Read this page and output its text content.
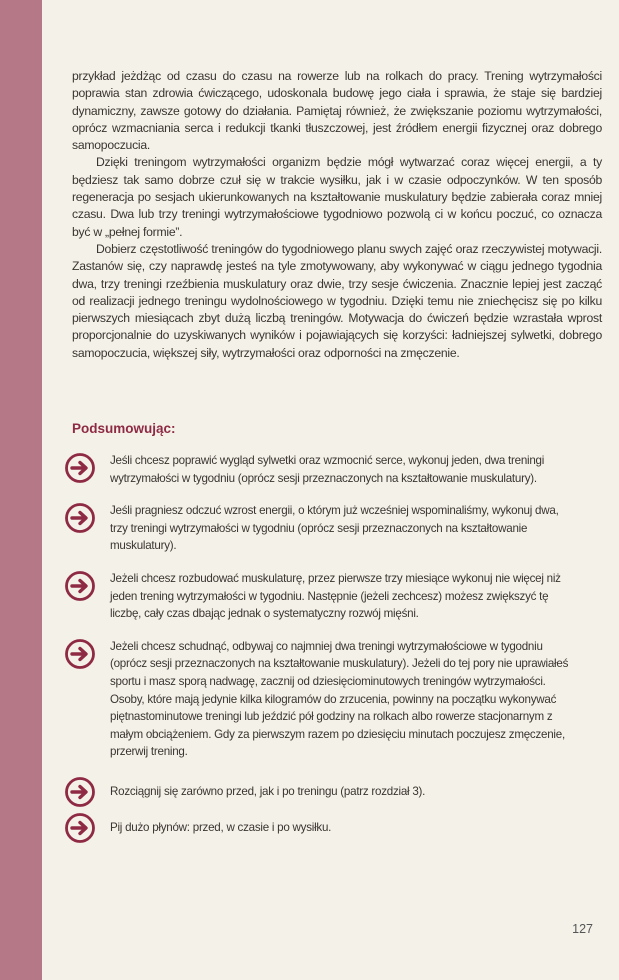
przykład jeżdżąc od czasu do czasu na rowerze lub na rolkach do pracy. Trening wytrzymałości poprawia stan zdrowia ćwiczącego, udoskonala budowę jego ciała i sprawia, że staje się bardziej dynamiczny, zawsze gotowy do działania. Pamiętaj również, że zwiększanie poziomu wytrzymałości, oprócz wzmacniania serca i redukcji tkanki tłuszczowej, jest źródłem energii fizycznej oraz dobrego samopoczucia.

Dzięki treningom wytrzymałości organizm będzie mógł wytwarzać coraz więcej energii, a ty będziesz tak samo dobrze czuł się w trakcie wysiłku, jak i w czasie odpoczynków. W ten sposób regeneracja po sesjach ukierunkowanych na kształtowanie muskulatury będzie zabierała coraz mniej czasu. Dwa lub trzy treningi wytrzymałościowe tygodniowo pozwolą ci w końcu poczuć, co oznacza być w „pełnej formie”.

Dobierz częstotliwość treningów do tygodniowego planu swych zajęć oraz rzeczywistej motywacji. Zastanów się, czy naprawdę jesteś na tyle zmotywowany, aby wykonywać w ciągu jednego tygodnia dwa, trzy treningi rzeźbienia muskulatury oraz dwie, trzy sesje ćwiczenia. Znacznie lepiej jest zacząć od realizacji jednego treningu wydolnościowego w tygodniu. Dzięki temu nie zniechęcisz się po kilku pierwszych miesiącach zbyt dużą liczbą treningów. Motywacja do ćwiczeń będzie wzrastała wprost proporcjonalnie do uzyskiwanych wyników i pojawiających się korzyści: ładniejszej sylwetki, dobrego samopoczucia, większej siły, wytrzymałości oraz odporności na zmęczenie.

Podsumowując:
Jeśli chcesz poprawić wygląd sylwetki oraz wzmocnić serce, wykonuj jeden, dwa treningi wytrzymałości w tygodniu (oprócz sesji przeznaczonych na kształtowanie muskulatury).
Jeśli pragniesz odczuć wzrost energii, o którym już wcześniej wspominaliśmy, wykonuj dwa, trzy treningi wytrzymałości w tygodniu (oprócz sesji przeznaczonych na kształtowanie muskulatury).
Jeżeli chcesz rozbudować muskulaturę, przez pierwsze trzy miesiące wykonuj nie więcej niż jeden trening wytrzymałości w tygodniu. Następnie (jeżeli zechcesz) możesz zwiększyć tę liczbę, cały czas dbając jednak o systematyczny rozwój mięśni.
Jeżeli chcesz schudnąć, odbywaj co najmniej dwa treningi wytrzymałościowe w tygodniu (oprócz sesji przeznaczonych na kształtowanie muskulatury). Jeżeli do tej pory nie uprawiałeś sportu i masz sporą nadwagę, zacznij od dziesięciominutowych treningów wytrzymałości. Osoby, które mają jedynie kilka kilogramów do zrzucenia, powinny na początku wykonywać piętnastominutowe treningi lub jeździć pół godziny na rolkach albo rowerze stacjonarnym z małym obciążeniem. Gdy za pierwszym razem po dziesięciu minutach poczujesz zmęczenie, przerwij trening.
Rozciągnij się zarówno przed, jak i po treningu (patrz rozdział 3).
Pij dużo płynów: przed, w czasie i po wysiłku.
127
